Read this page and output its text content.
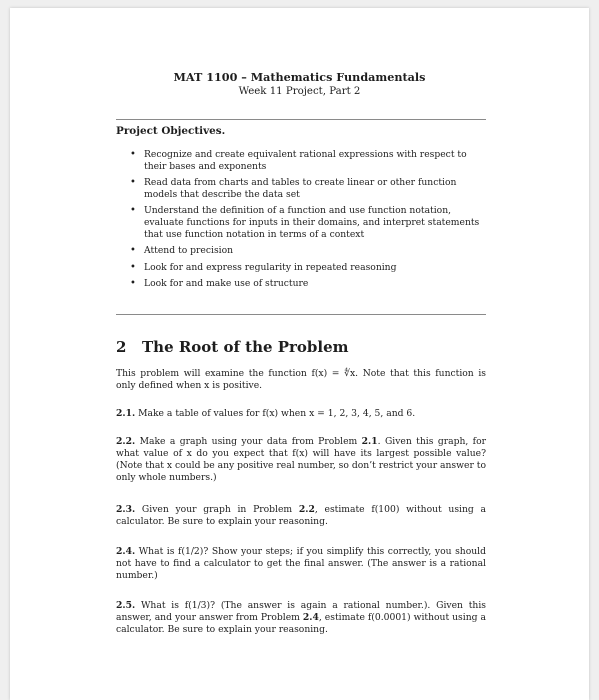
MAT 1100 – Mathematics Fundamentals
Week 11 Project, Part 2
Project Objectives.
• Recognize and create equivalent rational expressions with respect to their bases and exponents
• Read data from charts and tables to create linear or other function models that describe the data set
• Understand the definition of a function and use function notation, evaluate functions for inputs in their domains, and interpret statements that use function notation in terms of a context
• Attend to precision
• Look for and express regularity in repeated reasoning
• Look for and make use of structure
2 The Root of the Problem
This problem will examine the function f(x) = ∜x. Note that this function is only defined when x is positive.
2.1. Make a table of values for f(x) when x = 1, 2, 3, 4, 5, and 6.
2.2. Make a graph using your data from Problem 2.1. Given this graph, for what value of x do you expect that f(x) will have its largest possible value? (Note that x could be any positive real number, so don’t restrict your answer to only whole numbers.)
2.3. Given your graph in Problem 2.2, estimate f(100) without using a calculator. Be sure to explain your reasoning.
2.4. What is f(1/2)? Show your steps; if you simplify this correctly, you should not have to find a calculator to get the final answer. (The answer is a rational number.)
2.5. What is f(1/3)? (The answer is again a rational number.). Given this answer, and your answer from Problem 2.4, estimate f(0.0001) without using a calculator. Be sure to explain your reasoning.
